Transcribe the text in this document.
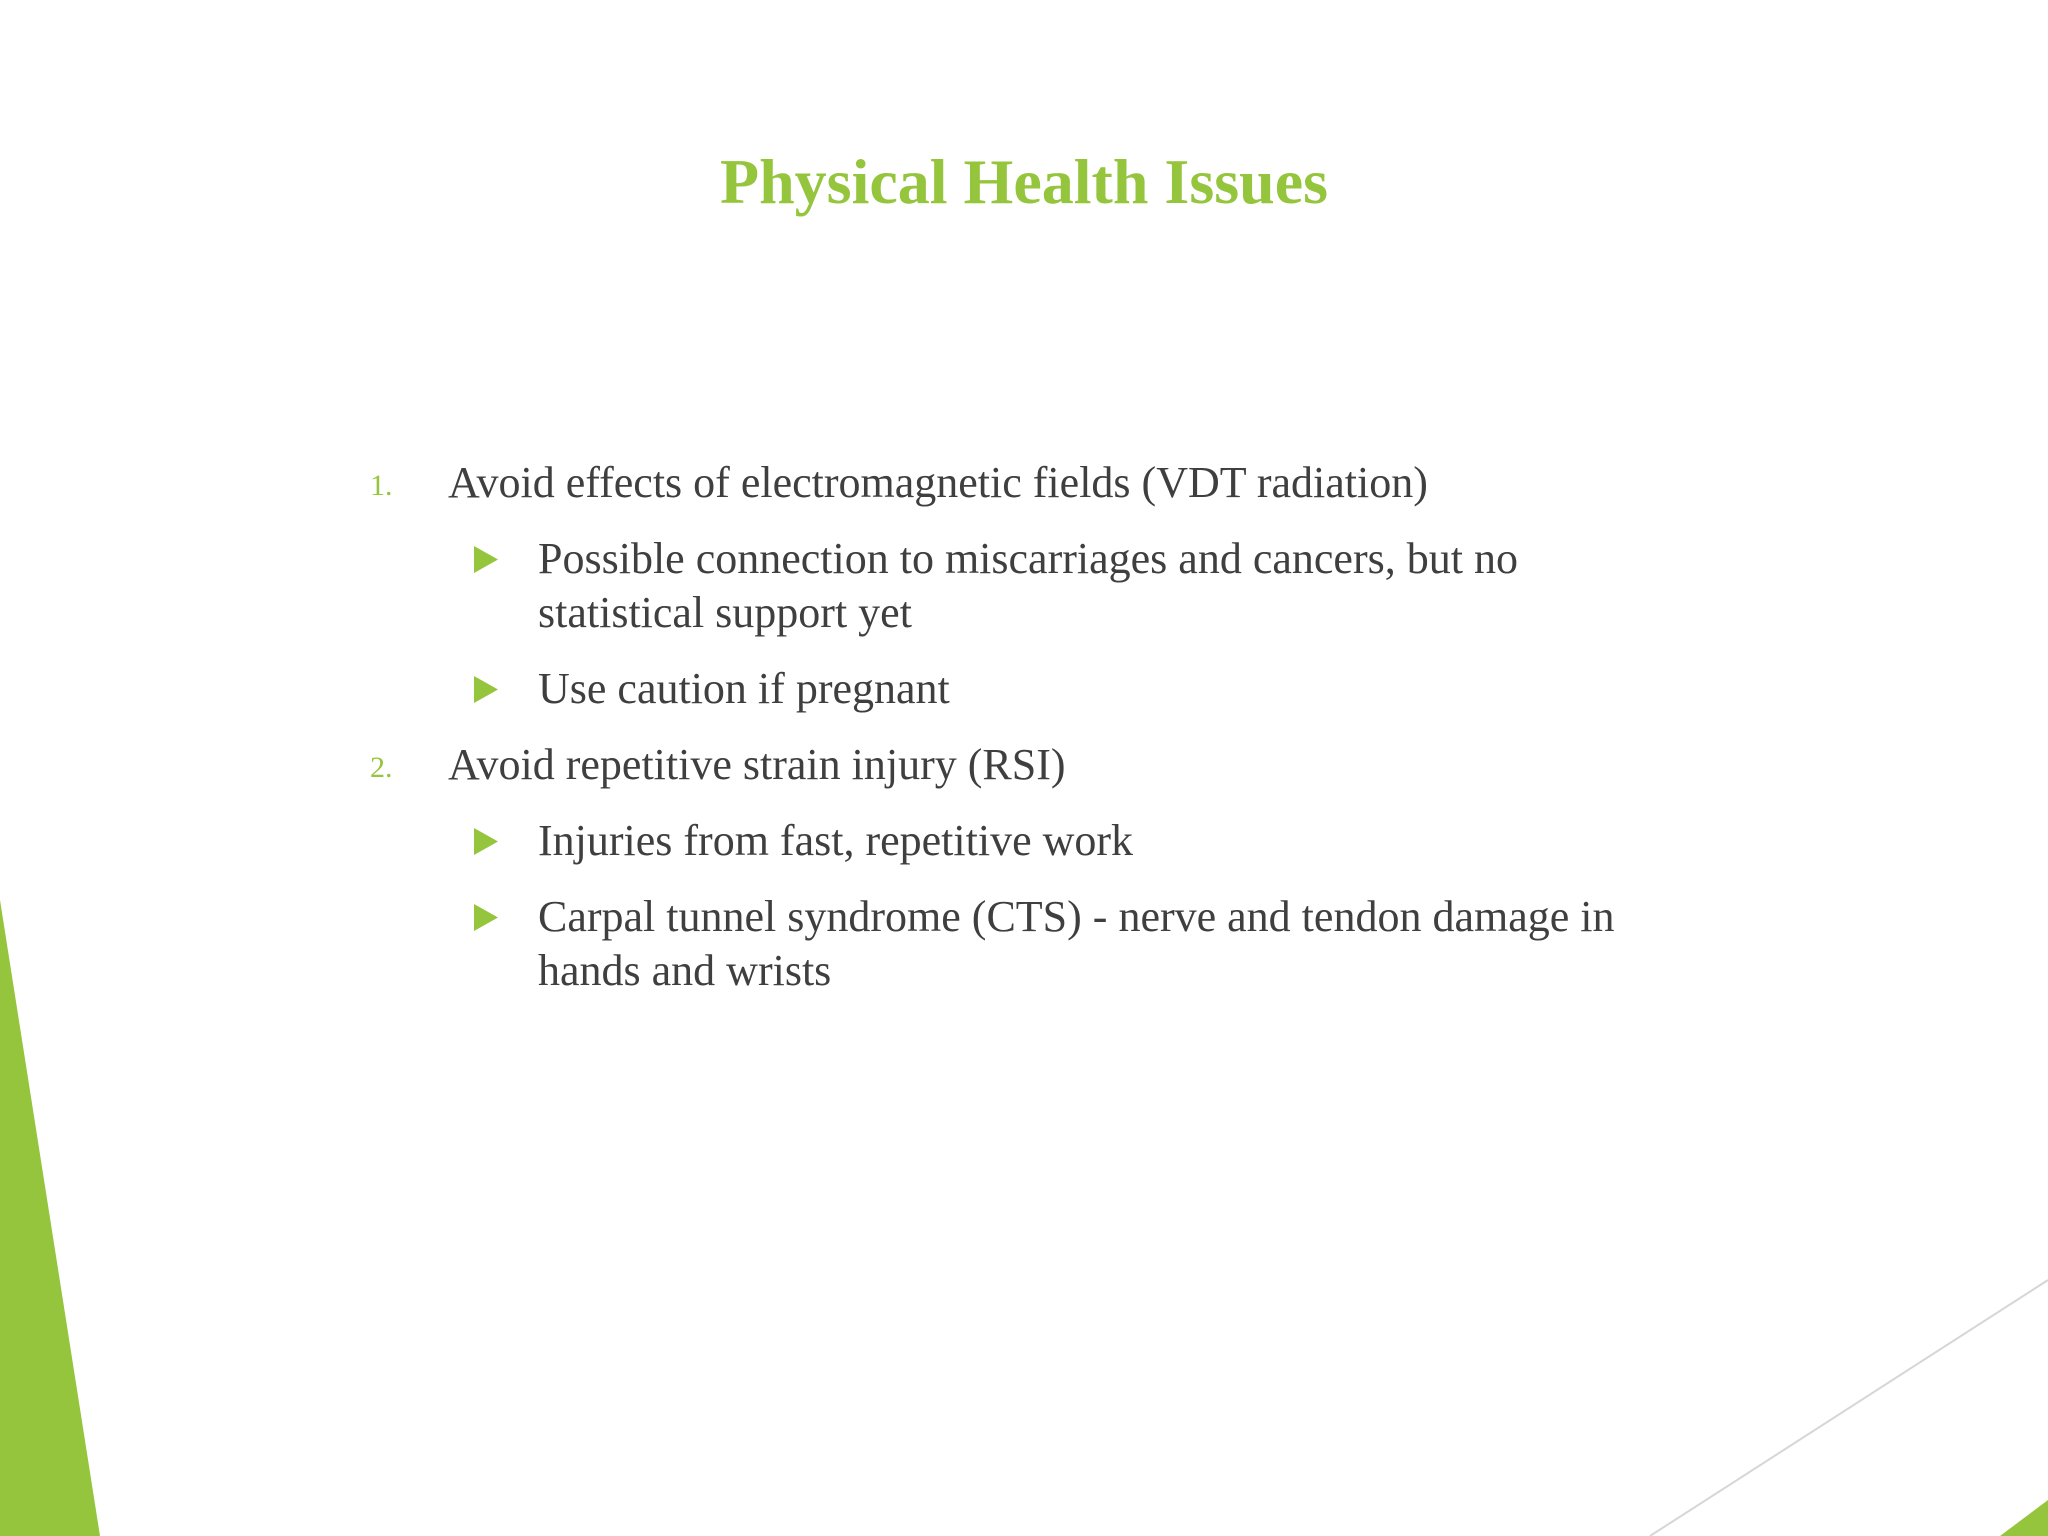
Physical Health Issues
1. Avoid effects of electromagnetic fields (VDT radiation)
Possible connection to miscarriages and cancers, but no statistical support yet
Use caution if pregnant
2. Avoid repetitive strain injury (RSI)
Injuries from fast, repetitive work
Carpal tunnel syndrome (CTS) - nerve and tendon damage in hands and wrists
